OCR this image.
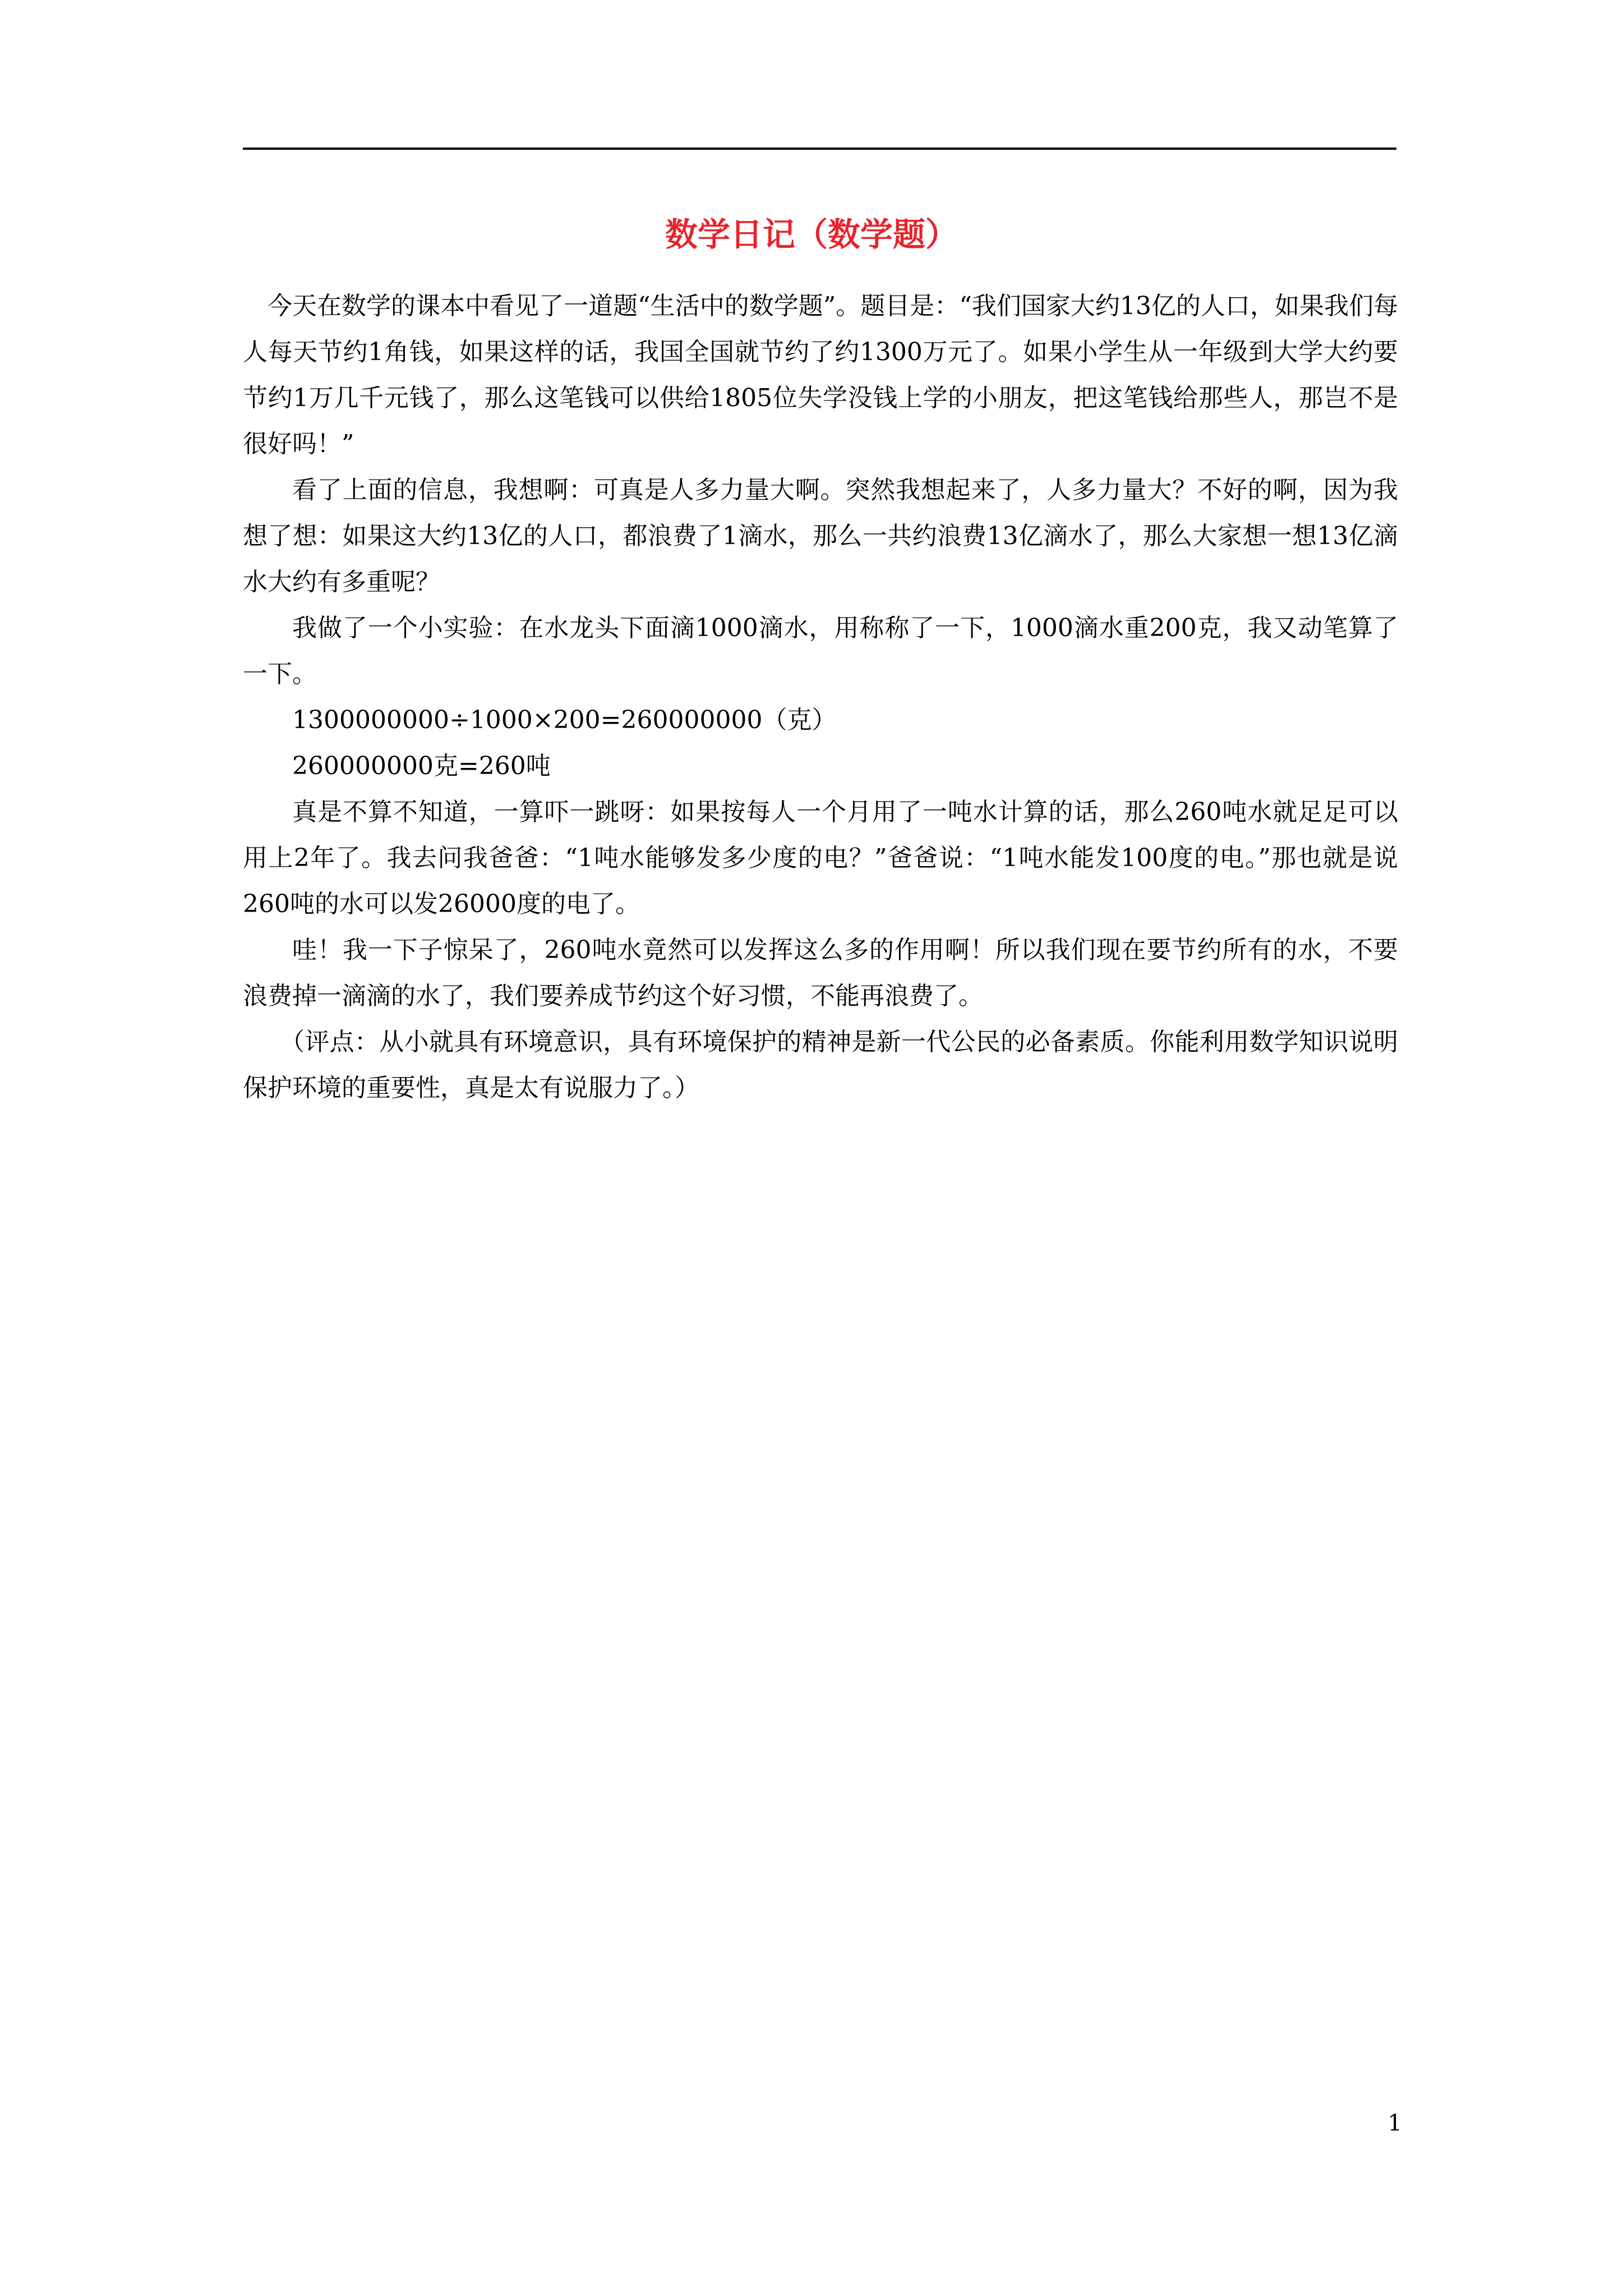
数学日记（数学题）

今天在数学的课本中看见了一道题“生活中的数学题”。题目是：“我们国家大约13亿的人口，如果我们每人每天节约1角钱，如果这样的话，我国全国就节约了约1300万元了。如果小学生从一年级到大学大约要节约1万几千元钱了，那么这笔钱可以供给1805位失学没钱上学的小朋友，把这笔钱给那些人，那岂不是很好吗！”

看了上面的信息，我想啊：可真是人多力量大啊。突然我想起来了，人多力量大？不好的啊，因为我想了想：如果这大约13亿的人口，都浪费了1滴水，那么一共约浪费13亿滴水了，那么大家想一想13亿滴水大约有多重呢？

我做了一个小实验：在水龙头下面滴1000滴水，用称称了一下，1000滴水重200克，我又动笔算了一下。

1300000000÷1000×200=260000000（克）

260000000克=260吨

真是不算不知道，一算吓一跳呀：如果按每人一个月用了一吨水计算的话，那么260吨水就足足可以用上2年了。我去问我爸爸：“1吨水能够发多少度的电？”爸爸说：“1吨水能发100度的电。”那也就是说260吨的水可以发26000度的电了。

哇！我一下子惊呆了，260吨水竟然可以发挥这么多的作用啊！所以我们现在要节约所有的水，不要浪费掉一滴滴的水了，我们要养成节约这个好习惯，不能再浪费了。

（评点：从小就具有环境意识，具有环境保护的精神是新一代公民的必备素质。你能利用数学知识说明保护环境的重要性，真是太有说服力了。）

1
